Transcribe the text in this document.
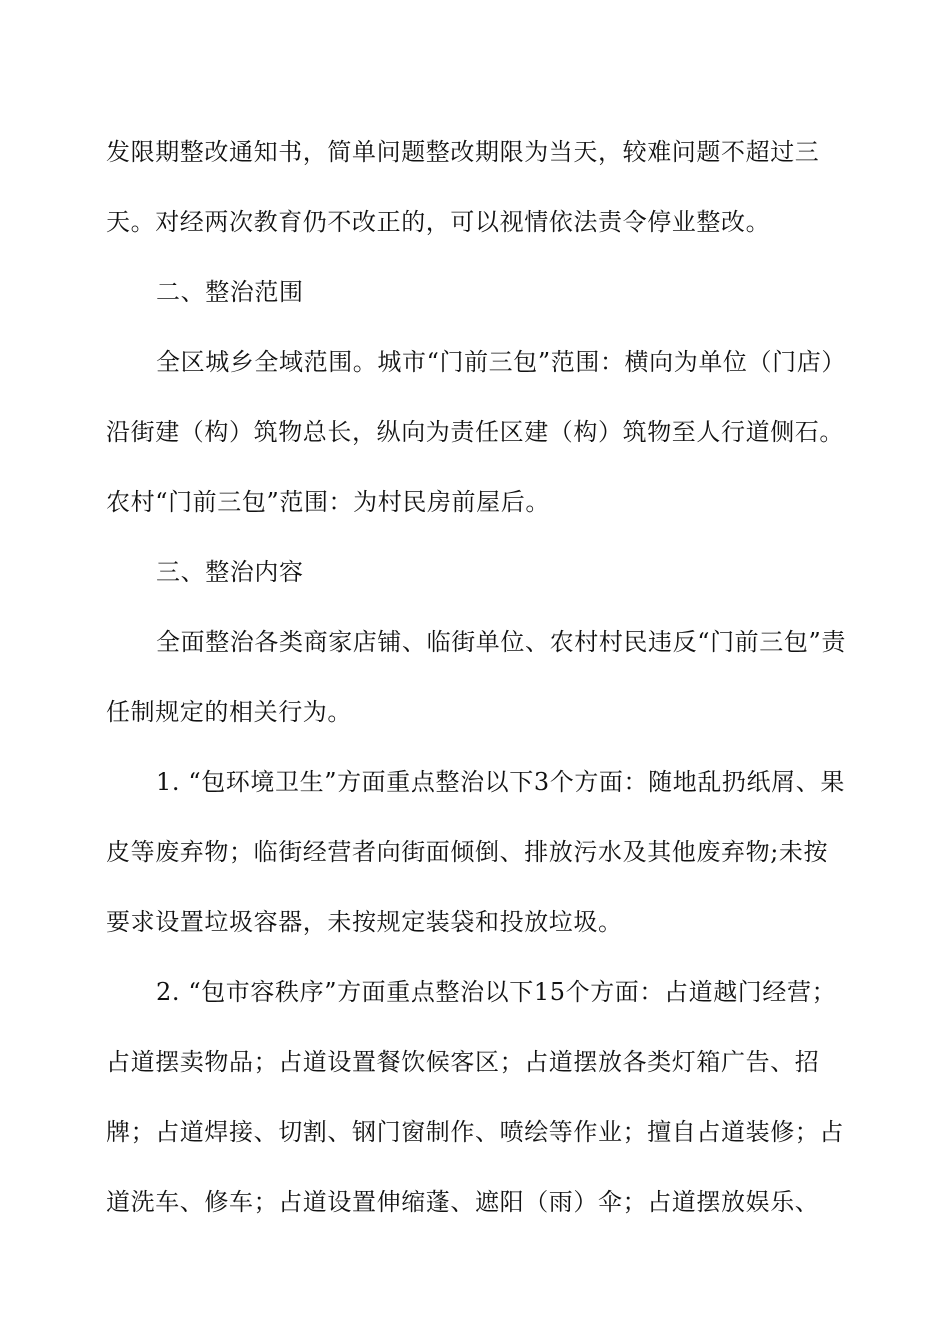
发限期整改通知书，简单问题整改期限为当天，较难问题不超过三天。对经两次教育仍不改正的，可以视情依法责令停业整改。

二、整治范围

全区城乡全域范围。城市“门前三包”范围：横向为单位（门店）沿街建（构）筑物总长，纵向为责任区建（构）筑物至人行道侧石。农村“门前三包”范围：为村民房前屋后。

三、整治内容

全面整治各类商家店铺、临街单位、农村村民违反“门前三包”责任制规定的相关行为。

1. “包环境卫生”方面重点整治以下3个方面：随地乱扔纸屑、果皮等废弃物；临街经营者向街面倾倒、排放污水及其他废弃物;未按要求设置垃圾容器，未按规定装袋和投放垃圾。

2. “包市容秩序”方面重点整治以下15个方面：占道越门经营；占道摆卖物品；占道设置餐饮候客区；占道摆放各类灯箱广告、招牌；占道焊接、切割、钢门窗制作、喷绘等作业；擅自占道装修；占道洗车、修车；占道设置伸缩蓬、遮阳（雨）伞；占道摆放娱乐、
